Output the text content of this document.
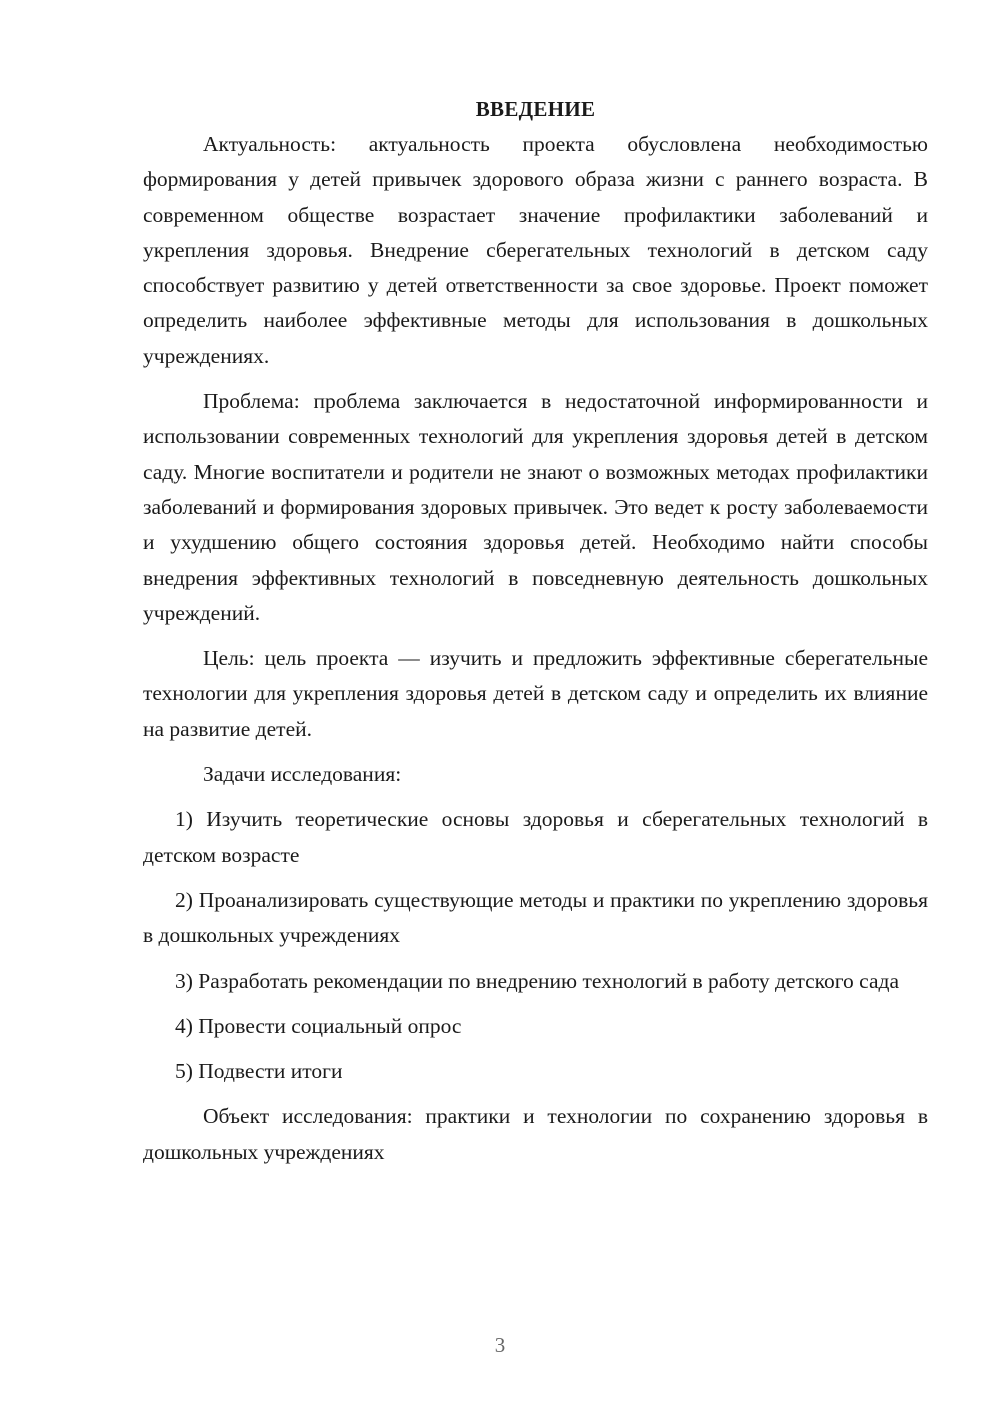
ВВЕДЕНИЕ

Актуальность: актуальность проекта обусловлена необходимостью формирования у детей привычек здорового образа жизни с раннего возраста. В современном обществе возрастает значение профилактики заболеваний и укрепления здоровья. Внедрение сберегательных технологий в детском саду способствует развитию у детей ответственности за свое здоровье. Проект поможет определить наиболее эффективные методы для использования в дошкольных учреждениях.

Проблема: проблема заключается в недостаточной информированности и использовании современных технологий для укрепления здоровья детей в детском саду. Многие воспитатели и родители не знают о возможных методах профилактики заболеваний и формирования здоровых привычек. Это ведет к росту заболеваемости и ухудшению общего состояния здоровья детей. Необходимо найти способы внедрения эффективных технологий в повседневную деятельность дошкольных учреждений.

Цель: цель проекта — изучить и предложить эффективные сберегательные технологии для укрепления здоровья детей в детском саду и определить их влияние на развитие детей.

Задачи исследования:

1) Изучить теоретические основы здоровья и сберегательных технологий в детском возрасте

2) Проанализировать существующие методы и практики по укреплению здоровья в дошкольных учреждениях

3) Разработать рекомендации по внедрению технологий в работу детского сада

4) Провести социальный опрос

5) Подвести итоги

Объект исследования: практики и технологии по сохранению здоровья в дошкольных учреждениях

3
